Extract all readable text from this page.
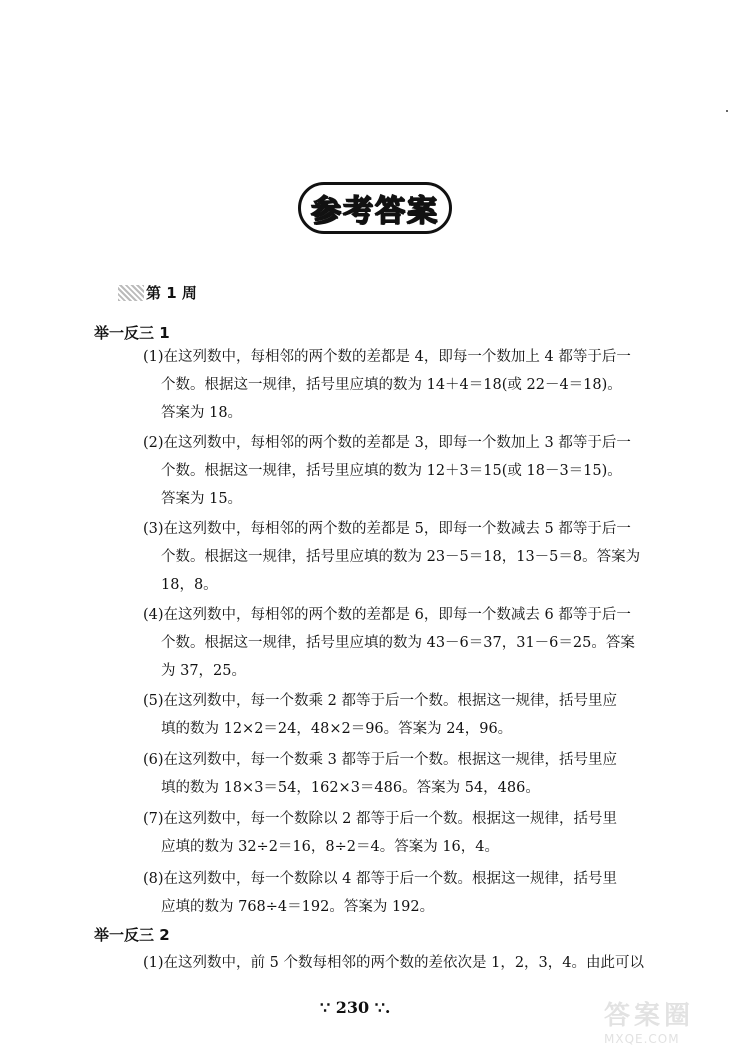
参考答案
第 1 周
举一反三 1
(1)在这列数中，每相邻的两个数的差都是 4，即每一个数加上 4 都等于后一
个数。根据这一规律，括号里应填的数为 14＋4＝18(或 22－4＝18)。
答案为 18。
(2)在这列数中，每相邻的两个数的差都是 3，即每一个数加上 3 都等于后一
个数。根据这一规律，括号里应填的数为 12＋3＝15(或 18－3＝15)。
答案为 15。
(3)在这列数中，每相邻的两个数的差都是 5，即每一个数减去 5 都等于后一
个数。根据这一规律，括号里应填的数为 23－5＝18，13－5＝8。答案为
18，8。
(4)在这列数中，每相邻的两个数的差都是 6，即每一个数减去 6 都等于后一
个数。根据这一规律，括号里应填的数为 43－6＝37，31－6＝25。答案
为 37，25。
(5)在这列数中，每一个数乘 2 都等于后一个数。根据这一规律，括号里应
填的数为 12×2＝24，48×2＝96。答案为 24，96。
(6)在这列数中，每一个数乘 3 都等于后一个数。根据这一规律，括号里应
填的数为 18×3＝54，162×3＝486。答案为 54，486。
(7)在这列数中，每一个数除以 2 都等于后一个数。根据这一规律，括号里
应填的数为 32÷2＝16，8÷2＝4。答案为 16，4。
(8)在这列数中，每一个数除以 4 都等于后一个数。根据这一规律，括号里
应填的数为 768÷4＝192。答案为 192。
举一反三 2
(1)在这列数中，前 5 个数每相邻的两个数的差依次是 1，2，3，4。由此可以
∵ 230 ∵.	答案圈
MXQE.COM
